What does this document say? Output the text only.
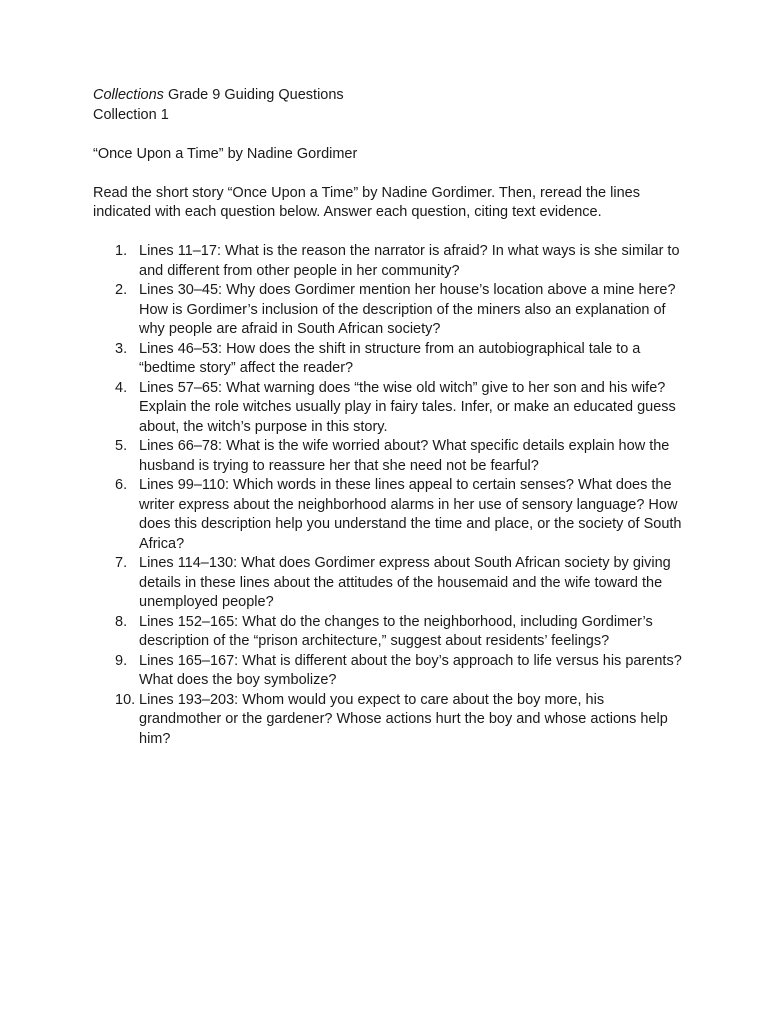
Collections Grade 9 Guiding Questions

Collection 1

“Once Upon a Time” by Nadine Gordimer

Read the short story “Once Upon a Time” by Nadine Gordimer. Then, reread the lines indicated with each question below. Answer each question, citing text evidence.

1. Lines 11–17: What is the reason the narrator is afraid? In what ways is she similar to and different from other people in her community?
2. Lines 30–45: Why does Gordimer mention her house’s location above a mine here? How is Gordimer’s inclusion of the description of the miners also an explanation of why people are afraid in South African society?
3. Lines 46–53: How does the shift in structure from an autobiographical tale to a “bedtime story” affect the reader?
4. Lines 57–65: What warning does “the wise old witch” give to her son and his wife? Explain the role witches usually play in fairy tales. Infer, or make an educated guess about, the witch’s purpose in this story.
5. Lines 66–78: What is the wife worried about? What specific details explain how the husband is trying to reassure her that she need not be fearful?
6. Lines 99–110: Which words in these lines appeal to certain senses? What does the writer express about the neighborhood alarms in her use of sensory language? How does this description help you understand the time and place, or the society of South Africa?
7. Lines 114–130: What does Gordimer express about South African society by giving details in these lines about the attitudes of the housemaid and the wife toward the unemployed people?
8. Lines 152–165: What do the changes to the neighborhood, including Gordimer’s description of the “prison architecture,” suggest about residents’ feelings?
9. Lines 165–167: What is different about the boy’s approach to life versus his parents? What does the boy symbolize?
10. Lines 193–203: Whom would you expect to care about the boy more, his grandmother or the gardener? Whose actions hurt the boy and whose actions help him?
